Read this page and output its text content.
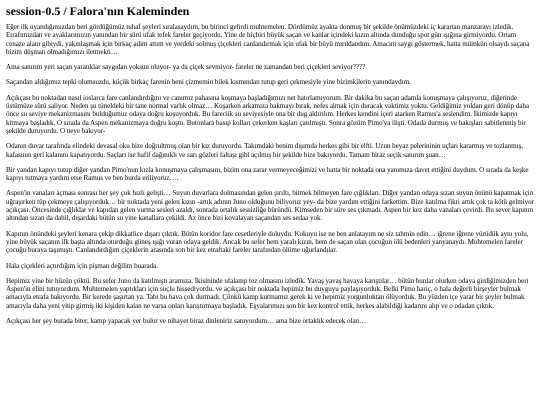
session-0.5 / Falora'nın Kaleminden

Eğer ilk uyandığımızdan beri gördüğümüz tuhaf şeyleri sıralasaydım, bu birinci gelirdi muhtemelen. Dördümüz ayakta donmuş bir şekilde önümüzdeki iç karartan manzarayı izledik. Etrafımızdan ve ayaklarımızın yanından bir sürü ufak tefek fareler geçiyordu. Yine de hiçbiri büyük saçan ve kanlar içindeki kızın altında dunduğu spot gün ışığına girmiyordu. Ortam cenaze alanı gibiydi, yakınlaşmak için birkaç adım attım ve yerdeki solmuş çiçekleri canlandırmak için ufak bir büyü mırıldandım. Amacım saygı göstermek, hatta mümkün olsaydı saçana bizim düşman olmadığımızı iletmekti…

Ama sanırım yeri saçan yaratıklar saygıdan yoksun oluyor- ya da çiçek sevmiyor- fareler ne zamandan beri çiçekleri seviyor????

Saçandan aldığımız tepki olumsuzdu, küçük birkaç farenin beni çizmemin bilek kısmından tutup geri çekmesiyle yine bizimkilerin yanındaydım.

Açıkçası bu noktadan nasıl ioslarca fare canlandırdığını ve canımız pahasına koşmaya başladığımızı net hatırlamıyorum. Bir dakika bu saçan adamla konuşmaya çalışıyoruz, diğerinde üstümüze sürü saliyor. Neden şu tüneldeki bir tane normal varlık olmaz… Koşarken arkamıza bakmayı bırak, nefes almak için duracak vaktimiz yoktu. Geldiğimiz yoldan geri dönüp daha önce su seviye mekanizmasını bulduğumuz odaya doğru koşuyorduk. Bu fareciik su seviyesiyle ona bir dug aldırılım. Herkes kendini içeri atarken Ramus'a seslendim. İkimizde kapıyı kitmaya başladık. O sırada da Aspen mekanizmaya doğru koştu. Butonlara basıp kolları çekerken kaşları çatılmıştı. Sonra gözüm Pimo'ya ilişti. Odada durmuş ve bakışları sabitlenmiş bir şekilde duruyordu. O neye bakıyor-

Odanın duvar tarafında elindeki devasal oku bize doğrultmuş olan bir kız duruyordu. Takımdaki benim dışımda herkes gibi bir elfti. Uzun beyaz pelerininin uçları kararmış ve tozlanmış, kafasının geri kalanını kapatıyordu. Saçları ise hafif dağınıklı ve sarı gözleri faltaşı gibi açılmış bir şekilde bize bakıyordu. Tamam biraz seçik sanırım şuan…

Bir yandan kapıyı tutup diğer yandan Pimo'nun kızla konuşmaya çalışmasını, bizim ona zarar vermeyeceğimizi ve hatta bir noktada ona yanımıza davet ettiğini duydum. O sırada da keşke kapıyı tutmaya yardım etse Ramus ve ben burda eriliyoruz….

Aspen'in vanaları açması sonrası her şey çok hızlı gelişti… Suyun duvarlara dolmasından gelen şırıltı, bitmek bilmeyen fare çığlıkları. Diğer yandan odaya sızan suyun önünü kapatmak için uğraşırken tüp çekmeye çalışıyorduk… bir noktada yeni gelen kızın -artık adının Juno olduğunu biliyoruz yey- da bize yardım ettiğini farkettim. Bize katılma fikri artık çok ta kötü gelmiyor açıkçası. Öncesinde çığlıklar ve kapıdan gelen vurma sesleri azaldı, sonrada ortalık sessizliğe büründü. Kimseden bir süre ses çıkmadı. Aspen bir kez daha vanaları çevirdi. Bu sever kapının altından sızan da dahil, dışardaki bütün su yine kanallara çekildi. Az önce bizi kovalayan saçandan ses sedaa yok.

Kapının önündeki şeyleri kenara çekip dikkatlice dışarı çıktık. Bütün koridor fare cesetleriyle doluydu. Kokuyu ise ne ben anlatayım ne siz tahmin edin… iğrene iğrene yürüdük aynı yolu, yine büyük saçanın ilk başta altında oturduğu güneş ışığı vuran odaya geldik. Ancak bu sefer hem yaralı kızın, hem de saçan olan çocuğun ölü bedenleri yanyanaydı. Muhtemelen fareler çocuğu buraya taşımıştı. Canlandırdığım çiçeklerin arasında son bir kez etraftaki fareler tarafından ölüme uğurlandılar.

Hala çiçekleri açtırdığım için pişman değilim buarada.

Hepimiz yine bir hüzün çöktü. Bu sefer Juno da katılmıştı aramıza. İkisininde ufalamp toz olmasını izledik. Yavaş yavaş havaya karıştılar… bütün bunlar olurken odaya girdiğimizden beri Aspen'in elini tutuyordum. Muhtemelen yaptıkları için suçlu hissediyordu, ve açıkçası bir noktada hepimiz bu duyguyu paylaşıyorduk. Belki Pimo hariç, o hala değerli birşeyler bulmak amacıyla etrafa bakıyordu. Bir kerede şaşırtan ya. Tabi bu hava çok durmadı. Çünkü kamp kurmamız gerek ki ve hepimiz yorgunluktan ölüyorduk. Bu yüzden içe yarar bir şeyler bulmak amacıyla daha yeni yitip girmiş iki kişiden kalan ne varsa onları karıştırmaya başladık. Eşyalarımızı son bir kez kontrol ettik, herkes alabildiği kadarını alıp ve o odadan çıktık.

Açıkçası her şey burada biter, kamp yapacak yer bulur ve nihayet biraz dinleniriz sanıyordum… ama bize ortaklık edecek olan…
